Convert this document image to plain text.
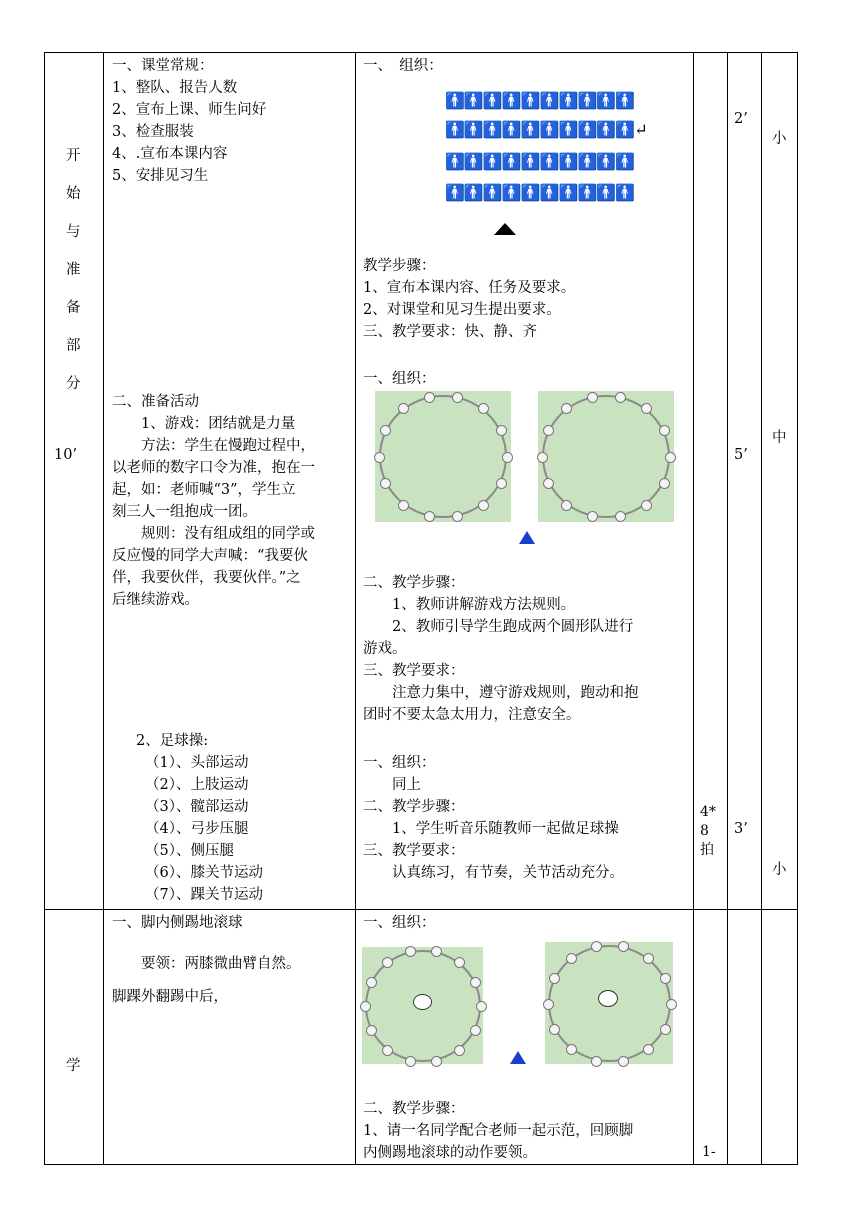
开
始
与
准
备
部
分
10’
一、课堂常规：
1、整队、报告人数
2、宣布上课、师生问好
3、检查服装
4、.宣布本课内容
5、安排见习生
二、准备活动
　　1、游戏：团结就是力量
　　方法：学生在慢跑过程中，
以老师的数字口令为准，抱在一
起，如：老师喊“3”，学生立
刻三人一组抱成一团。
　　规则：没有组成组的同学或
反应慢的同学大声喊：“我要伙
伴，我要伙伴，我要伙伴。”之
后继续游戏。
2、足球操:
（1）、头部运动
（2）、上肢运动
（3）、髋部运动
（4）、弓步压腿
（5）、侧压腿
（6）、膝关节运动
（7）、踝关节运动
一、　组织：
🚹🚹🚹🚹🚹🚹🚹🚹🚹🚹
🚹🚹🚹🚹🚹🚹🚹🚹🚹🚹↵
🚹🚹🚹🚹🚹🚹🚹🚹🚹🚹
🚹🚹🚹🚹🚹🚹🚹🚹🚹🚹
教学步骤：
1、宣布本课内容、任务及要求。
2、对课堂和见习生提出要求。
三、教学要求：快、静、齐
一、组织：
二、教学步骤：
　　1、教师讲解游戏方法规则。
　　2、教师引导学生跑成两个圆形队进行
游戏。
三、教学要求：
　　注意力集中，遵守游戏规则，跑动和抱
团时不要太急太用力，注意安全。
一、组织：
　　同上
二、教学步骤：
　　1、学生听音乐随教师一起做足球操
三、教学要求：
　　认真练习，有节奏，关节活动充分。
4*
8
拍
2’
5’
3’
小
中
小
学
一、脚内侧踢地滚球
　　要领：两膝微曲臂自然。
脚踝外翻踢中后，
一、组织：
二、教学步骤：
1、请一名同学配合老师一起示范，回顾脚
内侧踢地滚球的动作要领。	1-
